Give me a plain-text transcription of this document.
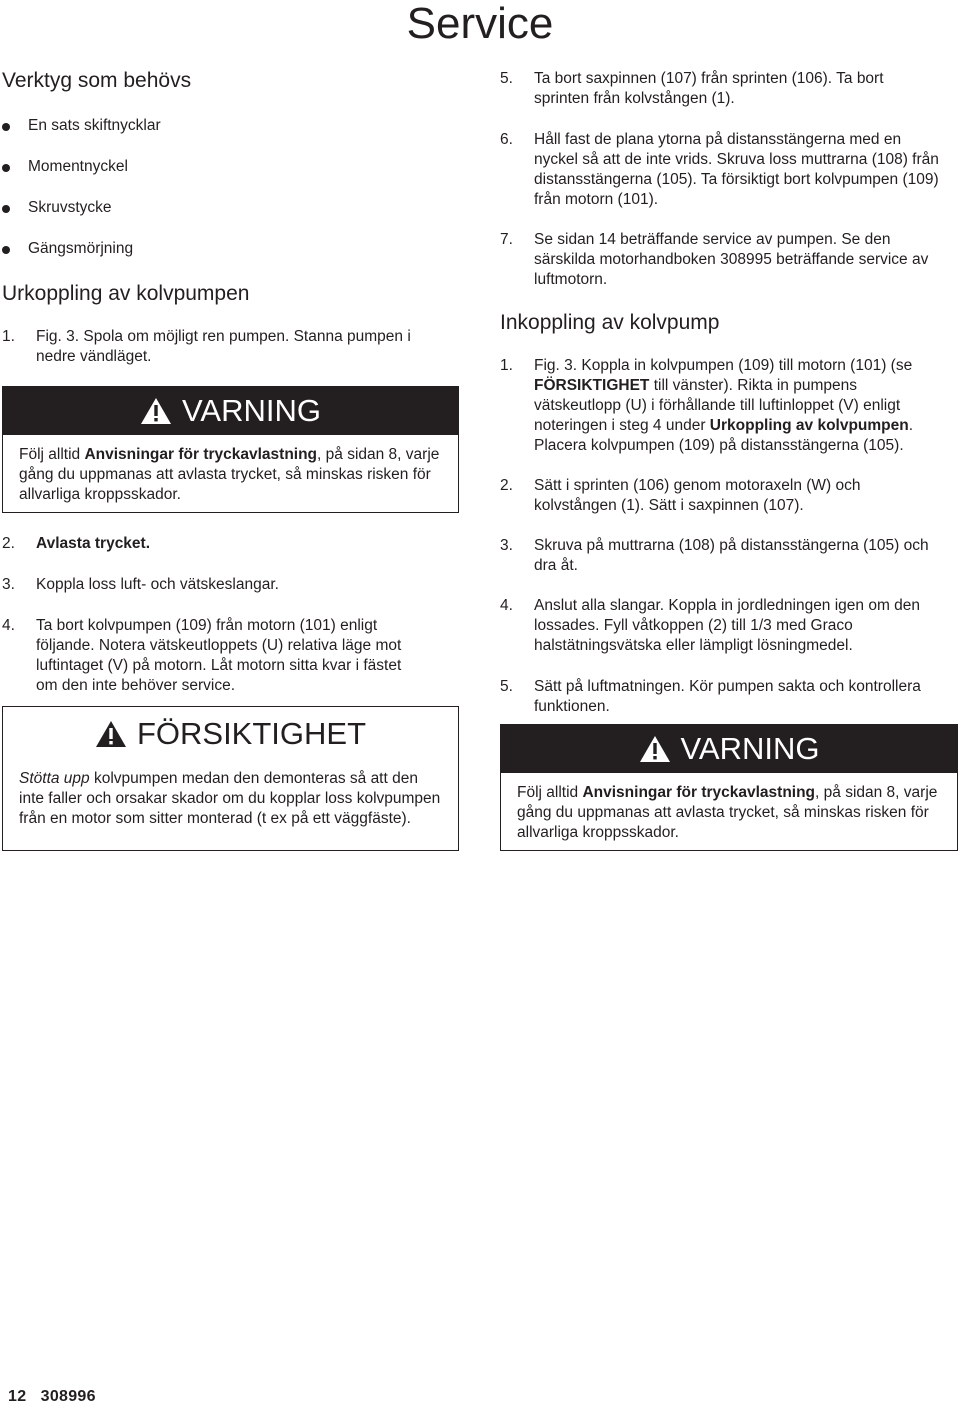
Service
Verktyg som behövs
En sats skiftnycklar
Momentnyckel
Skruvstycke
Gängsmörjning
Urkoppling av kolvpumpen
1. Fig. 3. Spola om möjligt ren pumpen. Stanna pumpen i nedre vändläget.
VARNING
Följ alltid Anvisningar för tryckavlastning, på sidan 8, varje gång du uppmanas att avlasta trycket, så minskas risken för allvarliga kroppsskador.
2. Avlasta trycket.
3. Koppla loss luft- och vätskeslangar.
4. Ta bort kolvpumpen (109) från motorn (101) enligt följande. Notera vätskeutloppets (U) relativa läge mot luftintaget (V) på motorn. Låt motorn sitta kvar i fästet om den inte behöver service.
FÖRSIKTIGHET
Stötta upp kolvpumpen medan den demonteras så att den inte faller och orsakar skador om du kopplar loss kolvpumpen från en motor som sitter monterad (t ex på ett väggfäste).
5. Ta bort saxpinnen (107) från sprinten (106). Ta bort sprinten från kolvstången (1).
6. Håll fast de plana ytorna på distansstängerna med en nyckel så att de inte vrids. Skruva loss muttrarna (108) från distansstängerna (105). Ta försiktigt bort kolvpumpen (109) från motorn (101).
7. Se sidan 14 beträffande service av pumpen. Se den särskilda motorhandboken 308995 beträffande service av luftmotorn.
Inkoppling av kolvpump
1. Fig. 3. Koppla in kolvpumpen (109) till motorn (101) (se FÖRSIKTIGHET till vänster). Rikta in pumpens vätskeutlopp (U) i förhållande till luftinloppet (V) enligt noteringen i steg 4 under Urkoppling av kolvpumpen. Placera kolvpumpen (109) på distansstängerna (105).
2. Sätt i sprinten (106) genom motoraxeln (W) och kolvstången (1). Sätt i saxpinnen (107).
3. Skruva på muttrarna (108) på distansstängerna (105) och dra åt.
4. Anslut alla slangar. Koppla in jordledningen igen om den lossades. Fyll våtkoppen (2) till 1/3 med Graco halstätningsvätska eller lämpligt lösningmedel.
5. Sätt på luftmatningen. Kör pumpen sakta och kontrollera funktionen.
VARNING
Följ alltid Anvisningar för tryckavlastning, på sidan 8, varje gång du uppmanas att avlasta trycket, så minskas risken för allvarliga kroppsskador.
12   308996
